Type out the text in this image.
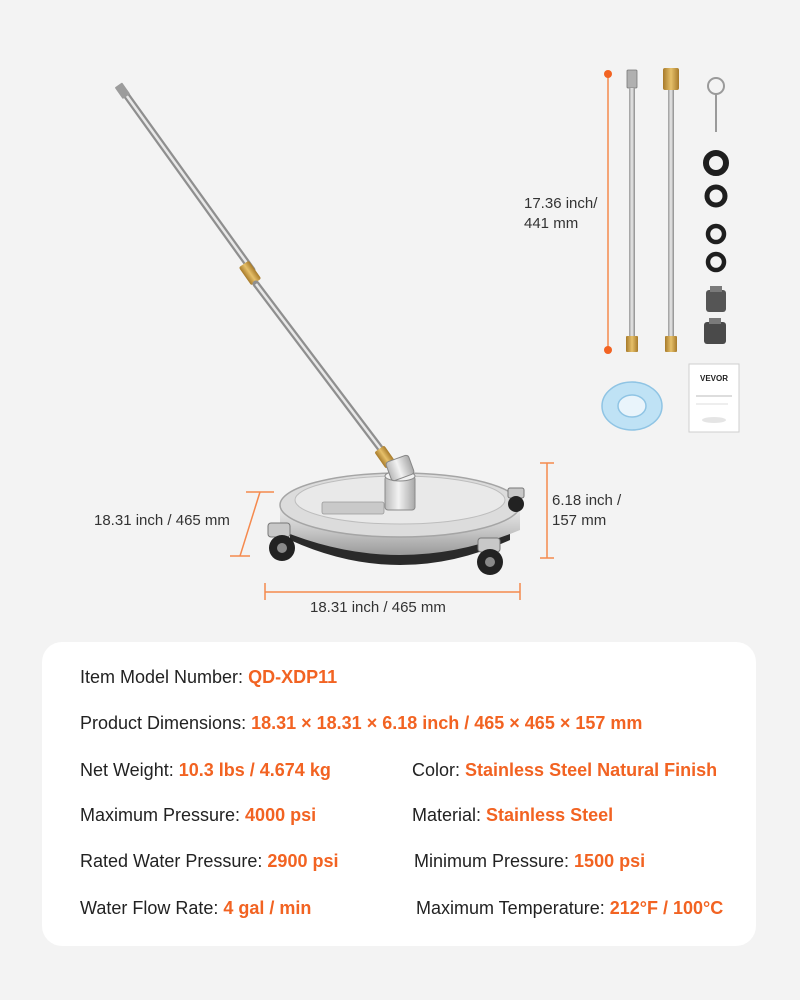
VEVOR
17.36 inch/
441 mm
18.31 inch / 465 mm
6.18 inch /
157 mm
18.31 inch / 465 mm
Item Model Number: QD-XDP11
Product Dimensions: 18.31 × 18.31 × 6.18 inch / 465 × 465 × 157 mm
Net Weight: 10.3 lbs / 4.674 kg	Color: Stainless Steel Natural Finish
Maximum Pressure: 4000 psi	Material: Stainless Steel
Rated Water Pressure: 2900 psi	Minimum Pressure: 1500 psi
Water Flow Rate: 4 gal / min	Maximum Temperature: 212°F / 100°C
